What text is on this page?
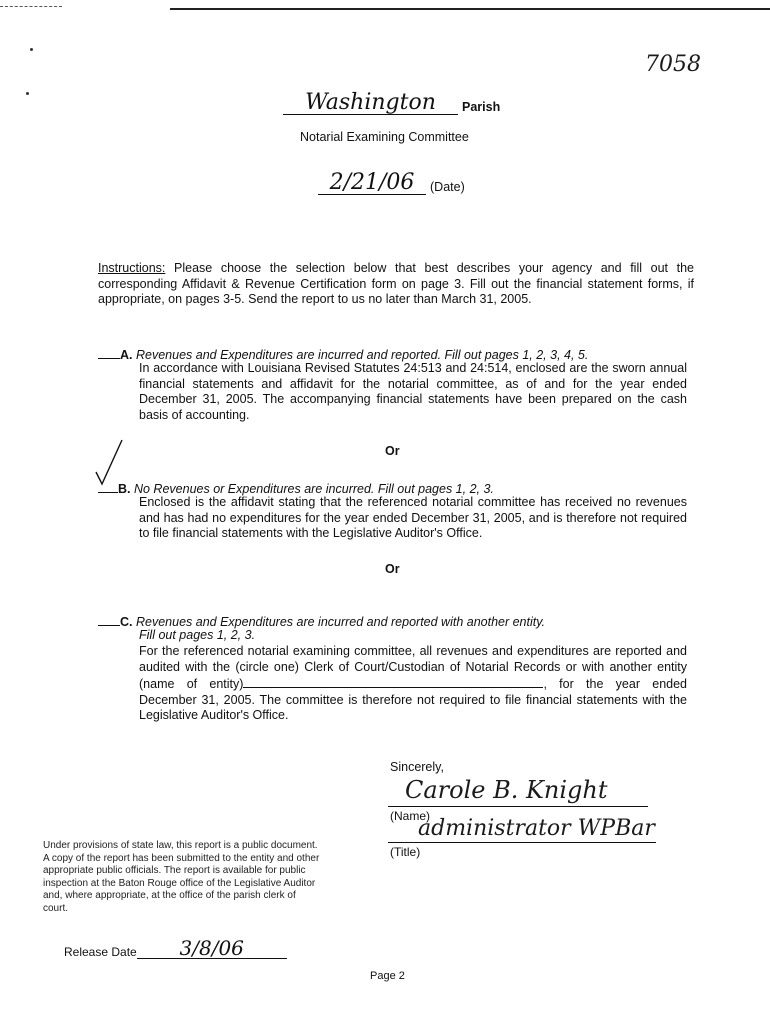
7058
Washington Parish
Notarial Examining Committee
2/21/06 (Date)
Instructions: Please choose the selection below that best describes your agency and fill out the corresponding Affidavit & Revenue Certification form on page 3. Fill out the financial statement forms, if appropriate, on pages 3-5. Send the report to us no later than March 31, 2005.
A. Revenues and Expenditures are incurred and reported. Fill out pages 1, 2, 3, 4, 5.
In accordance with Louisiana Revised Statutes 24:513 and 24:514, enclosed are the sworn annual financial statements and affidavit for the notarial committee, as of and for the year ended December 31, 2005. The accompanying financial statements have been prepared on the cash basis of accounting.
Or
B. No Revenues or Expenditures are incurred. Fill out pages 1, 2, 3.
Enclosed is the affidavit stating that the referenced notarial committee has received no revenues and has had no expenditures for the year ended December 31, 2005, and is therefore not required to file financial statements with the Legislative Auditor's Office.
Or
C. Revenues and Expenditures are incurred and reported with another entity.
Fill out pages 1, 2, 3.
For the referenced notarial examining committee, all revenues and expenditures are reported and audited with the (circle one) Clerk of Court/Custodian of Notarial Records or with another entity (name of entity)	, for the year ended December 31, 2005. The committee is therefore not required to file financial statements with the Legislative Auditor's Office.
Sincerely,
Carole B. Knight
(Name)
administrator WPBar
(Title)
Under provisions of state law, this report is a public document. A copy of the report has been submitted to the entity and other appropriate public officials. The report is available for public inspection at the Baton Rouge office of the Legislative Auditor and, where appropriate, at the office of the parish clerk of court.
Release Date	3/8/06
Page 2
